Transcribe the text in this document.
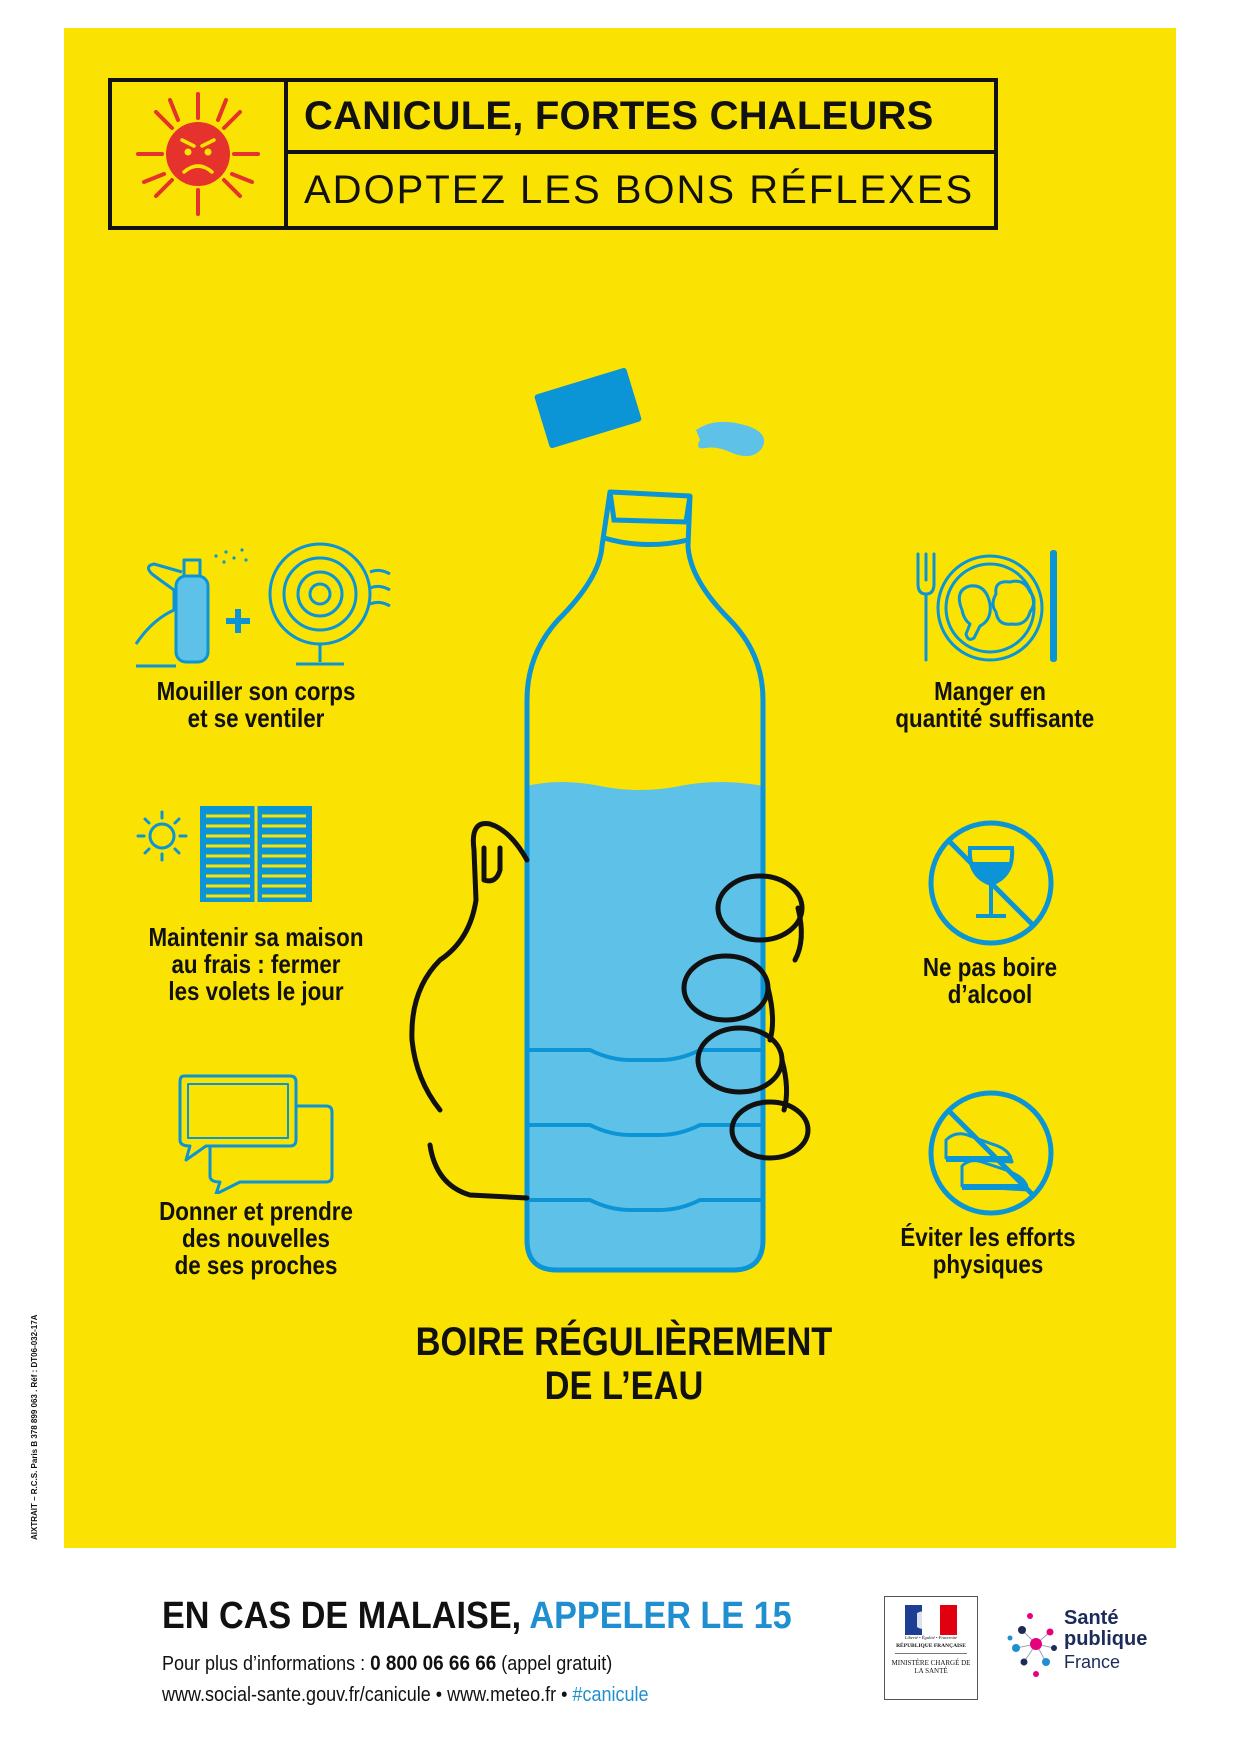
CANICULE, FORTES CHALEURS
ADOPTEZ LES BONS RÉFLEXES
Mouiller son corps
et se ventiler
Maintenir sa maison
au frais : fermer
les volets le jour
Donner et prendre
des nouvelles
de ses proches
Manger en
quantité suffisante
Ne pas boire
d’alcool
Éviter les efforts
physiques
BOIRE RÉGULIÈREMENT
DE L’EAU
AIXTRAIT – R.C.S. Paris B 378 899 063 . Réf : DT06-032-17A
EN CAS DE MALAISE, APPELER LE 15
Pour plus d’informations : 0 800 06 66 66 (appel gratuit)
www.social-sante.gouv.fr/canicule • www.meteo.fr • #canicule
Liberté • Égalité • Fraternité
RÉPUBLIQUE FRANÇAISE
MINISTÈRE CHARGÉ DE LA SANTÉ
Santé
publique
France
